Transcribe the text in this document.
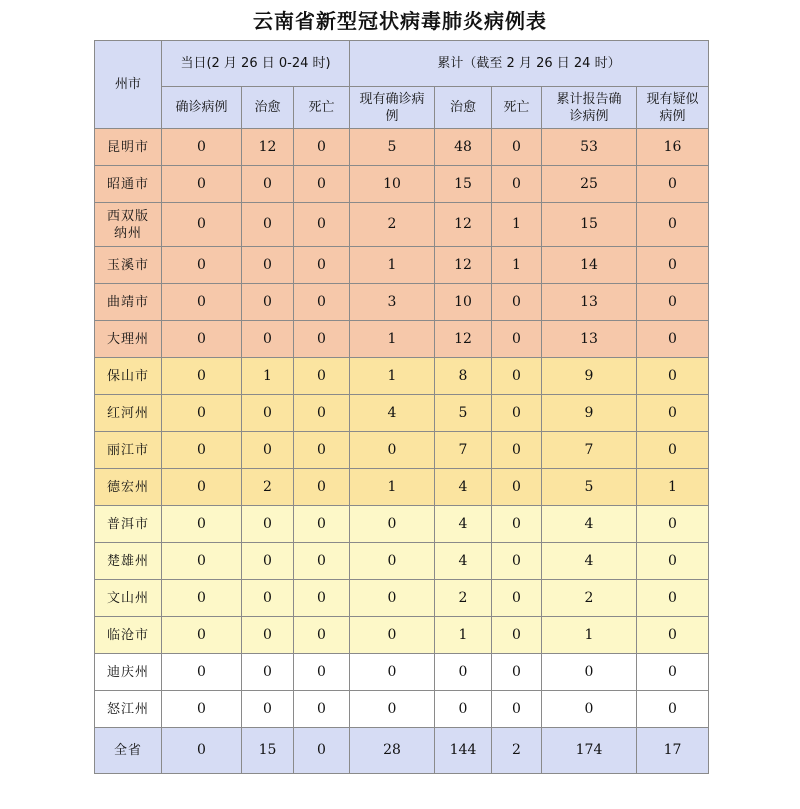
云南省新型冠状病毒肺炎病例表
州市	当日(2 月 26 日 0-24 时)			累计（截至 2 月 26 日 24 时）				
	确诊病例	治愈	死亡	现有确诊病例	治愈	死亡	累计报告确诊病例	现有疑似病例
昆明市	0	12	0	5	48	0	53	16
昭通市	0	0	0	10	15	0	25	0
西双版纳州	0	0	0	2	12	1	15	0
玉溪市	0	0	0	1	12	1	14	0
曲靖市	0	0	0	3	10	0	13	0
大理州	0	0	0	1	12	0	13	0
保山市	0	1	0	1	8	0	9	0
红河州	0	0	0	4	5	0	9	0
丽江市	0	0	0	0	7	0	7	0
德宏州	0	2	0	1	4	0	5	1
普洱市	0	0	0	0	4	0	4	0
楚雄州	0	0	0	0	4	0	4	0
文山州	0	0	0	0	2	0	2	0
临沧市	0	0	0	0	1	0	1	0
迪庆州	0	0	0	0	0	0	0	0
怒江州	0	0	0	0	0	0	0	0
全省	0	15	0	28	144	2	174	17
